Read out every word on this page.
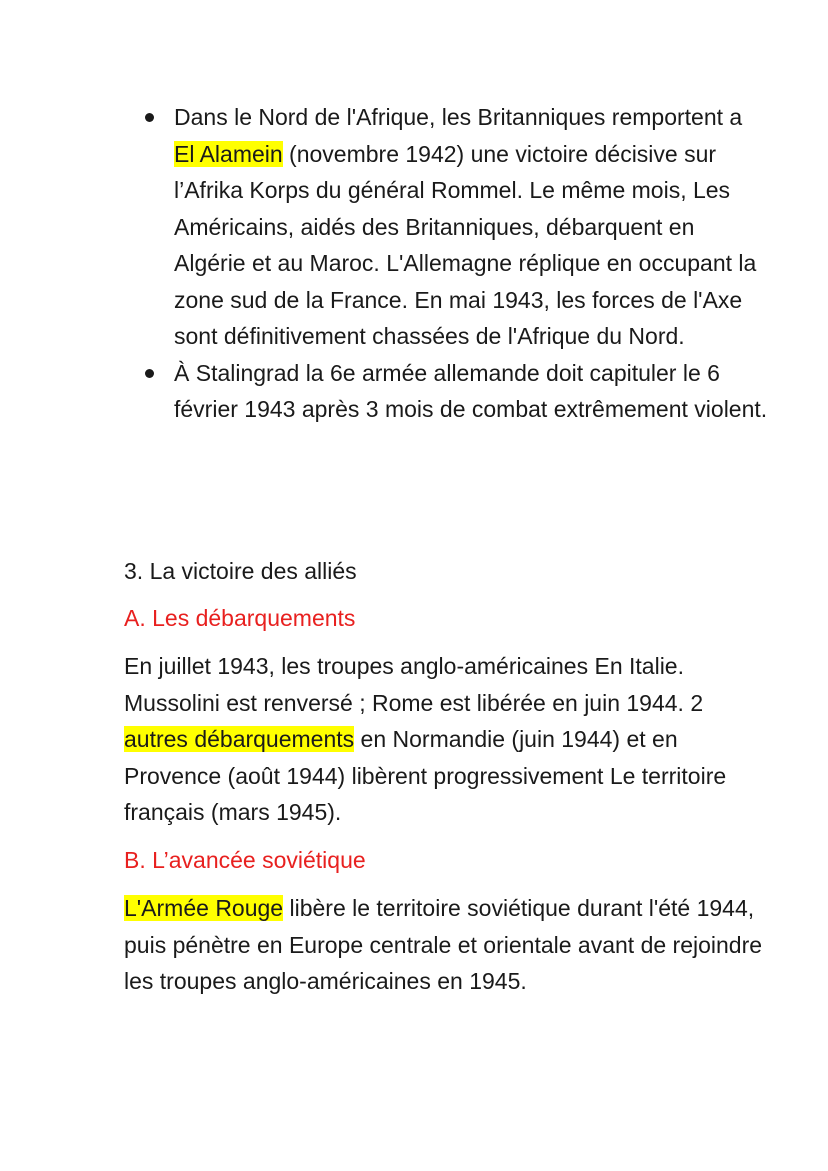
Dans le Nord de l'Afrique, les Britanniques remportent a El Alamein (novembre 1942) une victoire décisive sur l’Afrika Korps du général Rommel. Le même mois, Les Américains, aidés des Britanniques, débarquent en Algérie et au Maroc. L'Allemagne réplique en occupant la zone sud de la France. En mai 1943, les forces de l'Axe sont définitivement chassées de l'Afrique du Nord.
À Stalingrad la 6e armée allemande doit capituler le 6 février 1943 après 3 mois de combat extrêmement violent.

3. La victoire des alliés

A. Les débarquements

En juillet 1943, les troupes anglo-américaines En Italie. Mussolini est renversé ; Rome est libérée en juin 1944. 2 autres débarquements en Normandie (juin 1944) et en Provence (août 1944) libèrent progressivement Le territoire français (mars 1945).

B. L’avancée soviétique

L'Armée Rouge libère le territoire soviétique durant l'été 1944, puis pénètre en Europe centrale et orientale avant de rejoindre les troupes anglo-américaines en 1945.
